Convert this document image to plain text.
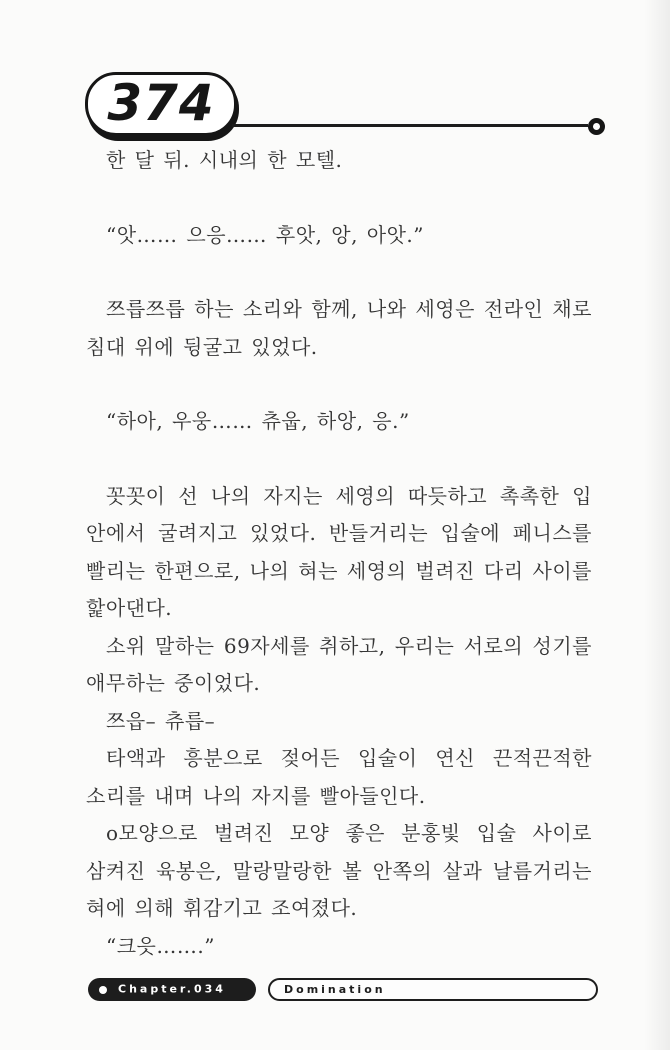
374

한 달 뒤. 시내의 한 모텔.

“앗…… 으응…… 후앗, 앙, 아앗.”

쯔릅쯔릅 하는 소리와 함께, 나와 세영은 전라인 채로 침대 위에 뒹굴고 있었다.

“하아, 우웅…… 츄웁, 하앙, 응.”

꼿꼿이 선 나의 자지는 세영의 따듯하고 촉촉한 입 안에서 굴려지고 있었다. 반들거리는 입술에 페니스를 빨리는 한편으로, 나의 혀는 세영의 벌려진 다리 사이를 핥아댄다.

소위 말하는 69자세를 취하고, 우리는 서로의 성기를 애무하는 중이었다.

쯔읍– 츄릅–

타액과 흥분으로 젖어든 입술이 연신 끈적끈적한 소리를 내며 나의 자지를 빨아들인다.

o모양으로 벌려진 모양 좋은 분홍빛 입술 사이로 삼켜진 육봉은, 말랑말랑한 볼 안쪽의 살과 날름거리는 혀에 의해 휘감기고 조여졌다.

“크읏…….”

Chapter.034	Domination
